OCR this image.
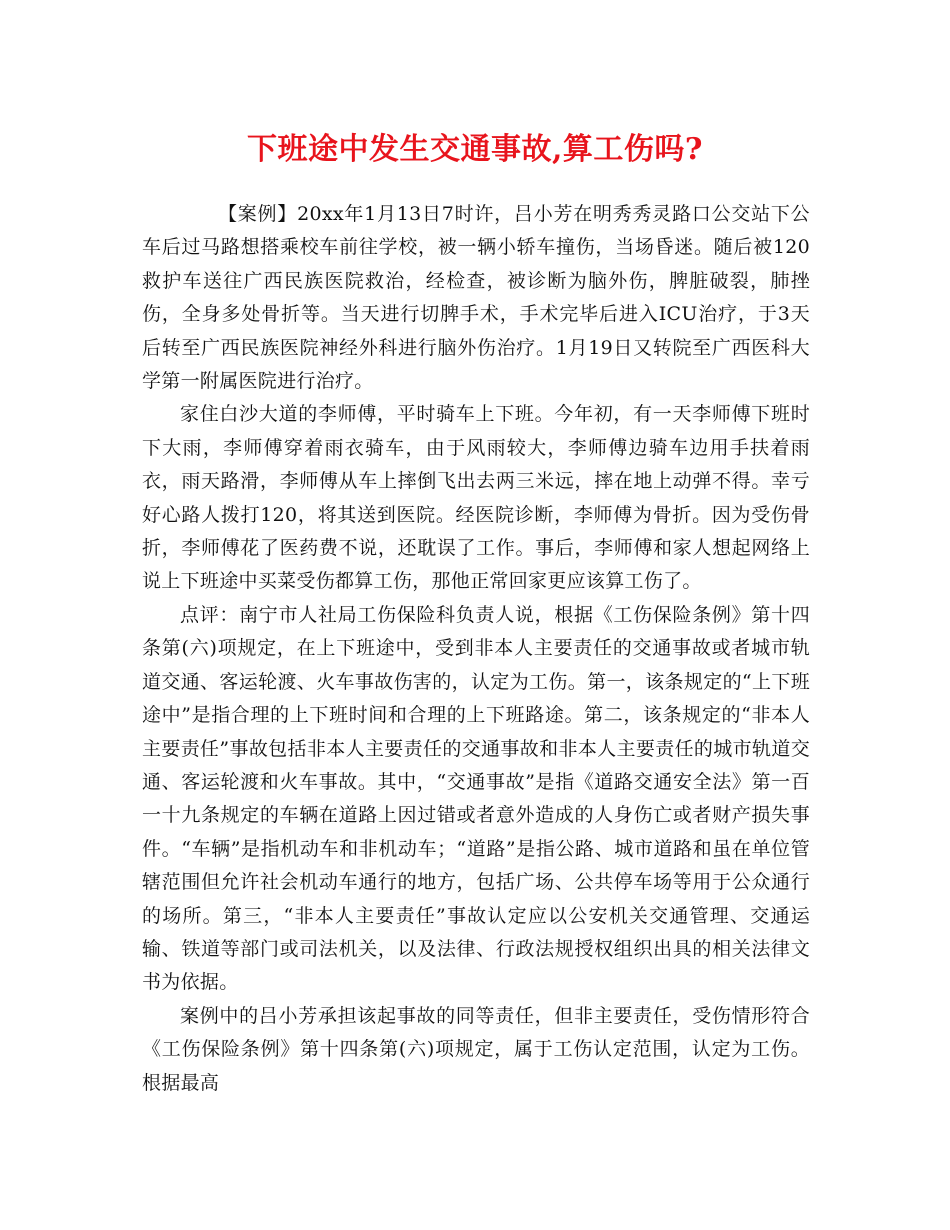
下班途中发生交通事故,算工伤吗?

【案例】20xx年1月13日7时许，吕小芳在明秀秀灵路口公交站下公车后过马路想搭乘校车前往学校，被一辆小轿车撞伤，当场昏迷。随后被120救护车送往广西民族医院救治，经检查，被诊断为脑外伤，脾脏破裂，肺挫伤，全身多处骨折等。当天进行切脾手术，手术完毕后进入ICU治疗，于3天后转至广西民族医院神经外科进行脑外伤治疗。1月19日又转院至广西医科大学第一附属医院进行治疗。

家住白沙大道的李师傅，平时骑车上下班。今年初，有一天李师傅下班时下大雨，李师傅穿着雨衣骑车，由于风雨较大，李师傅边骑车边用手扶着雨衣，雨天路滑，李师傅从车上摔倒飞出去两三米远，摔在地上动弹不得。幸亏好心路人拨打120，将其送到医院。经医院诊断，李师傅为骨折。因为受伤骨折，李师傅花了医药费不说，还耽误了工作。事后，李师傅和家人想起网络上说上下班途中买菜受伤都算工伤，那他正常回家更应该算工伤了。

点评：南宁市人社局工伤保险科负责人说，根据《工伤保险条例》第十四条第(六)项规定，在上下班途中，受到非本人主要责任的交通事故或者城市轨道交通、客运轮渡、火车事故伤害的，认定为工伤。第一，该条规定的“上下班途中”是指合理的上下班时间和合理的上下班路途。第二，该条规定的“非本人主要责任”事故包括非本人主要责任的交通事故和非本人主要责任的城市轨道交通、客运轮渡和火车事故。其中，“交通事故”是指《道路交通安全法》第一百一十九条规定的车辆在道路上因过错或者意外造成的人身伤亡或者财产损失事件。“车辆”是指机动车和非机动车；“道路”是指公路、城市道路和虽在单位管辖范围但允许社会机动车通行的地方，包括广场、公共停车场等用于公众通行的场所。第三，“非本人主要责任”事故认定应以公安机关交通管理、交通运输、铁道等部门或司法机关，以及法律、行政法规授权组织出具的相关法律文书为依据。

案例中的吕小芳承担该起事故的同等责任，但非主要责任，受伤情形符合《工伤保险条例》第十四条第(六)项规定，属于工伤认定范围，认定为工伤。根据最高
